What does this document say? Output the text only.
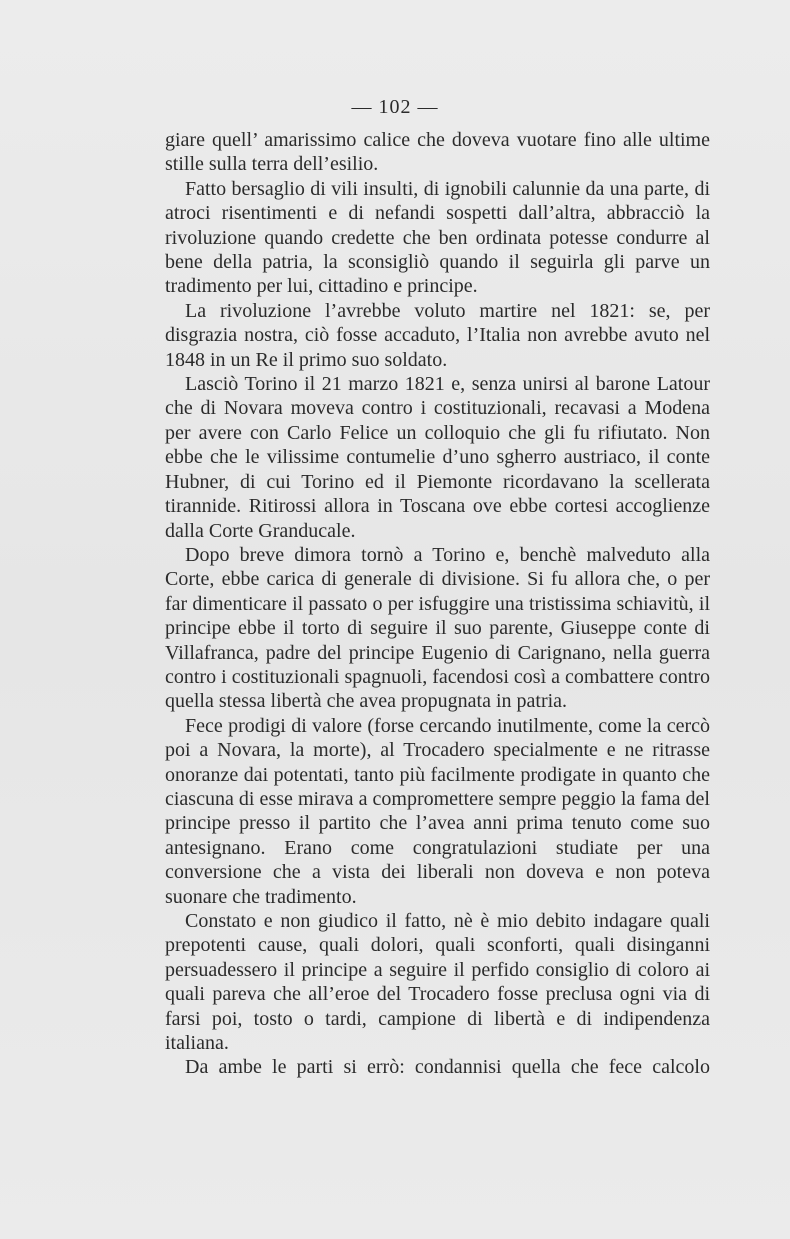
— 102 —

giare quell’ amarissimo calice che doveva vuotare fino alle ultime stille sulla terra dell’esilio.

Fatto bersaglio di vili insulti, di ignobili calunnie da una parte, di atroci risentimenti e di nefandi sospetti dall’altra, abbracciò la rivoluzione quando credette che ben ordinata potesse condurre al bene della patria, la sconsigliò quando il seguirla gli parve un tradimento per lui, cittadino e principe.

La rivoluzione l’avrebbe voluto martire nel 1821: se, per disgrazia nostra, ciò fosse accaduto, l’Italia non avrebbe avuto nel 1848 in un Re il primo suo soldato.

Lasciò Torino il 21 marzo 1821 e, senza unirsi al barone Latour che di Novara moveva contro i costituzionali, recavasi a Modena per avere con Carlo Felice un colloquio che gli fu rifiutato. Non ebbe che le vilissime contumelie d’uno sgherro austriaco, il conte Hubner, di cui Torino ed il Piemonte ricordavano la scellerata tirannide. Ritirossi allora in Toscana ove ebbe cortesi accoglienze dalla Corte Granducale.

Dopo breve dimora tornò a Torino e, benchè malveduto alla Corte, ebbe carica di generale di divisione. Si fu allora che, o per far dimenticare il passato o per isfuggire una tristissima schiavitù, il principe ebbe il torto di seguire il suo parente, Giuseppe conte di Villafranca, padre del principe Eugenio di Carignano, nella guerra contro i costituzionali spagnuoli, facendosi così a combattere contro quella stessa libertà che avea propugnata in patria.

Fece prodigi di valore (forse cercando inutilmente, come la cercò poi a Novara, la morte), al Trocadero specialmente e ne ritrasse onoranze dai potentati, tanto più facilmente prodigate in quanto che ciascuna di esse mirava a compromettere sempre peggio la fama del principe presso il partito che l’avea anni prima tenuto come suo antesignano. Erano come congratulazioni studiate per una conversione che a vista dei liberali non doveva e non poteva suonare che tradimento.

Constato e non giudico il fatto, nè è mio debito indagare quali prepotenti cause, quali dolori, quali sconforti, quali disinganni persuadessero il principe a seguire il perfido consiglio di coloro ai quali pareva che all’eroe del Trocadero fosse preclusa ogni via di farsi poi, tosto o tardi, campione di libertà e di indipendenza italiana.

Da ambe le parti si errò: condannisi quella che fece calcolo
